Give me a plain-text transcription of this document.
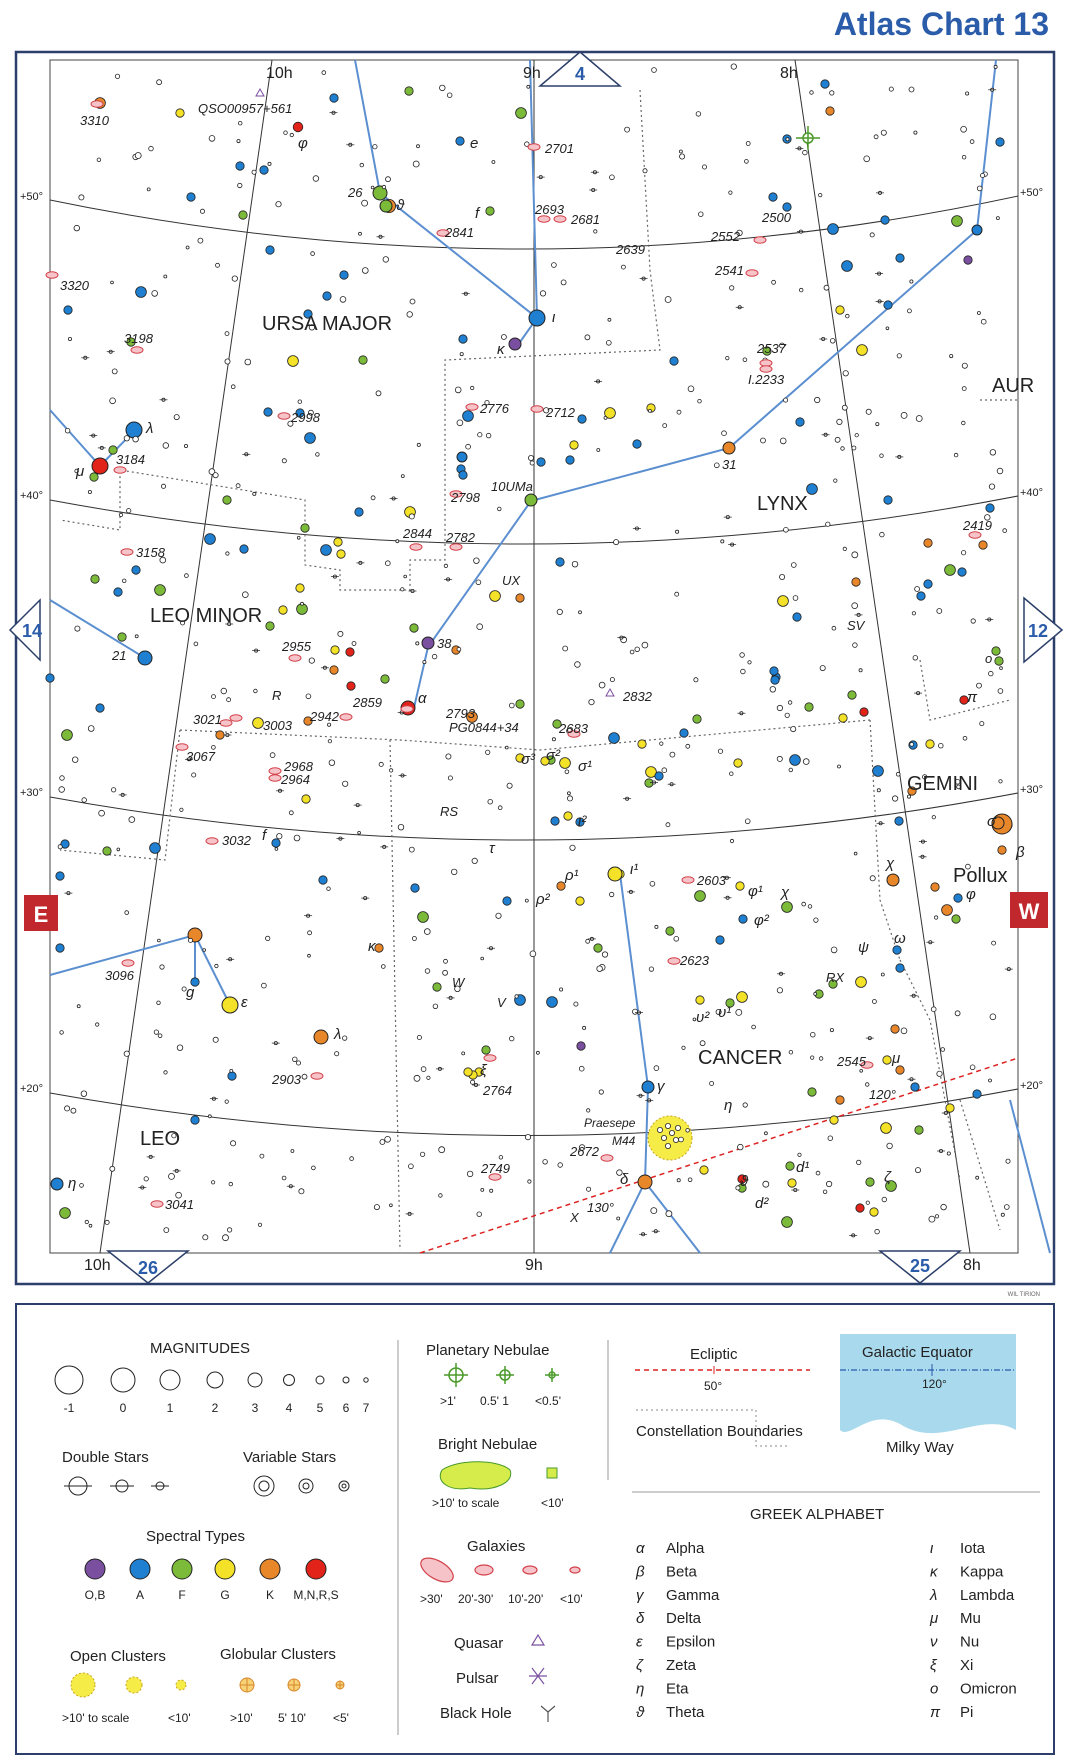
Atlas Chart 13
3310
QSO00957+561
2701
2693
2681	2500
2552
2541
2639
2841
3320
3198
2537
I.2233
2998
2776	2712
3184
2798
10UMa
2844 2782
2419
3158
UX
SV
2955
R
2942
2859
2793
2832
PG0844+34
3021	3003	2683
3067
2968
2964
RS
3032
2603
3096
2623
RX
W
2903
2764
2545
120°
2672
2749
3041	130°
X
V
26
21
31
38
o
φ	e
ϑ	f
ι
κ
λ
μ
α
σ³ σ²
σ¹
ι²
τ
ρ¹
ρ²
ι¹
φ¹
φ²
χ
ψ
ω
κ
ε
λ
ξ
γ
η
δ	ϑ
d¹
d²
ζ
μ
σ
β
π
υ² υ¹
g
f
η
χ
φ
10h	9h	8h
10h	9h	8h
+50°
+40°
+30°
+20°
+50°
+40°
+30°
+20°
4
14	12
26	25
E	W
URSA MAJOR
LYNX
AUR
LEO MINOR
GEMINI
CANCER
LEO
Pollux
Praesepe
M44
WIL TIRION
MAGNITUDES
-1	0	1	2	3 4 5 6 7
Double Stars	Variable Stars
Spectral Types
O,B	A	F	G	K M,N,R,S
Open Clusters	Globular Clusters
>10' to scale	<10'	>10' 5' 10' <5'
Planetary Nebulae
>1' 0.5' 1 <0.5'
Bright Nebulae
>10' to scale	<10'
Galaxies
>30' 20'-30' 10'-20' <10'
Quasar
Pulsar
Black Hole
Ecliptic
50°
Galactic Equator
120°
Milky Way
Constellation Boundaries
GREEK ALPHABET
α Alpha
β Beta
γ Gamma
δ Delta
ε Epsilon
ζ Zeta
η Eta
ϑ Theta
ι Iota
κ Kappa
λ Lambda
μ Mu
ν Nu
ξ Xi
ο Omicron
π Pi
